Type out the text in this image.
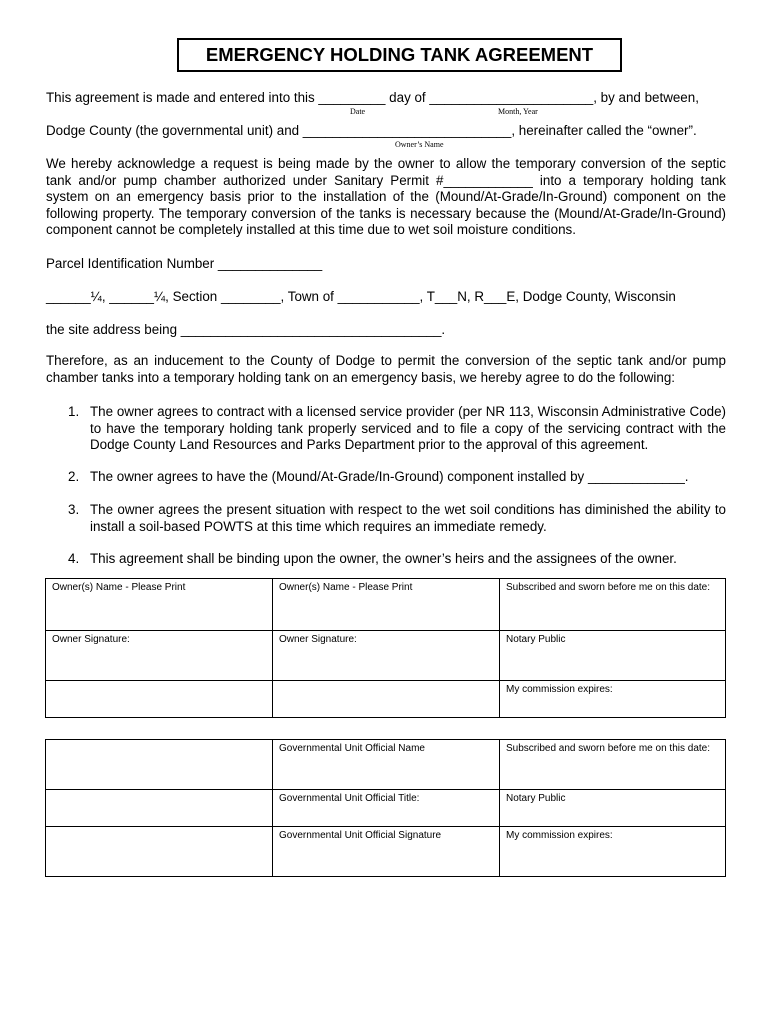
EMERGENCY HOLDING TANK AGREEMENT
This agreement is made and entered into this _________ day of ______________________, by and between,
Date	Month, Year
Dodge County (the governmental unit) and ____________________________, hereinafter called the “owner”.
Owner’s Name

We hereby acknowledge a request is being made by the owner to allow the temporary conversion of the septic tank and/or pump chamber authorized under Sanitary Permit #____________ into a temporary holding tank system on an emergency basis prior to the installation of the (Mound/At-Grade/In-Ground) component on the following property. The temporary conversion of the tanks is necessary because the (Mound/At-Grade/In-Ground) component cannot be completely installed at this time due to wet soil moisture conditions.

Parcel Identification Number ______________
______¼, ______¼, Section ________, Town of ___________, T___N, R___E, Dodge County, Wisconsin
the site address being ___________________________________.

Therefore, as an inducement to the County of Dodge to permit the conversion of the septic tank and/or pump chamber tanks into a temporary holding tank on an emergency basis, we hereby agree to do the following:

1. The owner agrees to contract with a licensed service provider (per NR 113, Wisconsin Administrative Code) to have the temporary holding tank properly serviced and to file a copy of the servicing contract with the Dodge County Land Resources and Parks Department prior to the approval of this agreement.
2. The owner agrees to have the (Mound/At-Grade/In-Ground) component installed by _____________.
3. The owner agrees the present situation with respect to the wet soil conditions has diminished the ability to install a soil-based POWTS at this time which requires an immediate remedy.
4. This agreement shall be binding upon the owner, the owner’s heirs and the assignees of the owner.
Owner(s) Name - Please Print	Owner(s) Name - Please Print	Subscribed and sworn before me on this date:
Owner Signature:	Owner Signature:	Notary Public
		My commission expires:
	Governmental Unit Official Name	Subscribed and sworn before me on this date:
	Governmental Unit Official Title:	Notary Public
	Governmental Unit Official Signature	My commission expires:
